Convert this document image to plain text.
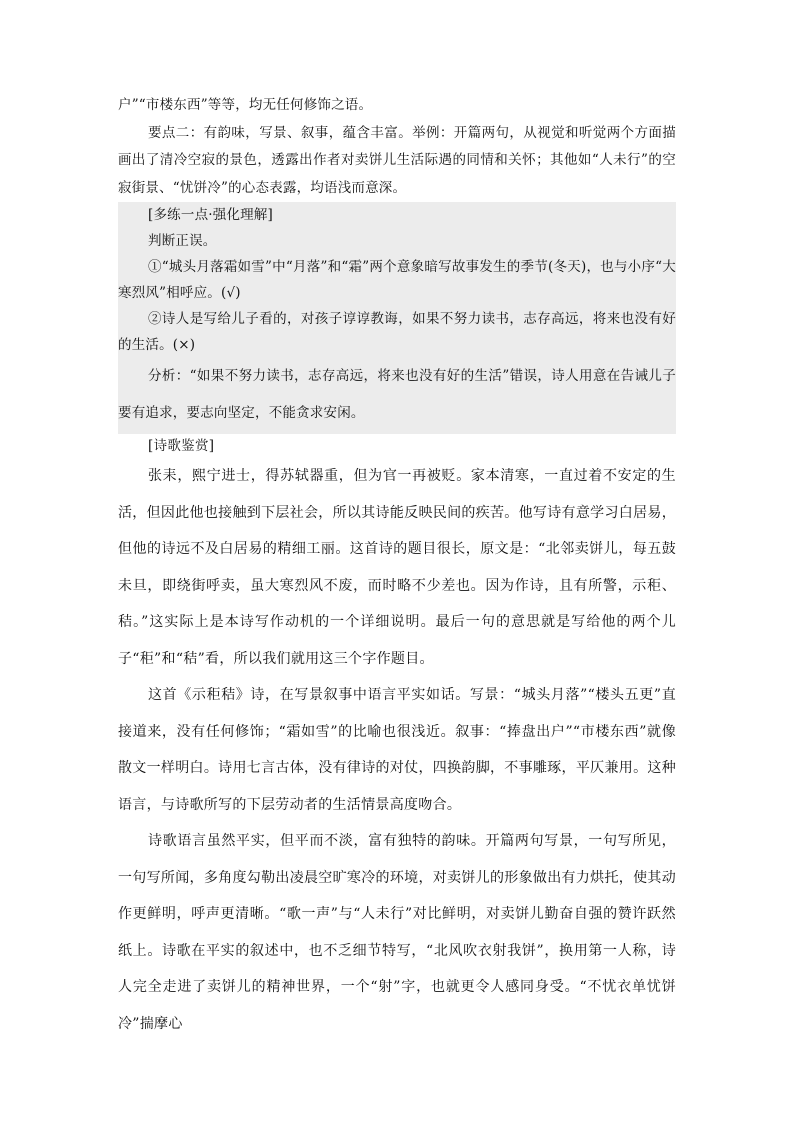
户”“市楼东西”等等，均无任何修饰之语。

要点二：有韵味，写景、叙事，蕴含丰富。举例：开篇两句，从视觉和听觉两个方面描画出了清冷空寂的景色，透露出作者对卖饼儿生活际遇的同情和关怀；其他如“人未行”的空寂街景、“忧饼冷”的心态表露，均语浅而意深。

[多练一点·强化理解]

判断正误。

①“城头月落霜如雪”中“月落”和“霜”两个意象暗写故事发生的季节(冬天)，也与小序“大寒烈风”相呼应。(√)

②诗人是写给儿子看的，对孩子谆谆教诲，如果不努力读书，志存高远，将来也没有好的生活。(×)

分析：“如果不努力读书，志存高远，将来也没有好的生活”错误，诗人用意在告诫儿子要有追求，要志向坚定，不能贪求安闲。

[诗歌鉴赏]

张耒，熙宁进士，得苏轼器重，但为官一再被贬。家本清寒，一直过着不安定的生活，但因此他也接触到下层社会，所以其诗能反映民间的疾苦。他写诗有意学习白居易，但他的诗远不及白居易的精细工丽。这首诗的题目很长，原文是：“北邻卖饼儿，每五鼓未旦，即绕街呼卖，虽大寒烈风不废，而时略不少差也。因为作诗，且有所警，示秬、秸。”这实际上是本诗写作动机的一个详细说明。最后一句的意思就是写给他的两个儿子“秬”和“秸”看，所以我们就用这三个字作题目。

这首《示秬秸》诗，在写景叙事中语言平实如话。写景：“城头月落”“楼头五更”直接道来，没有任何修饰；“霜如雪”的比喻也很浅近。叙事：“捧盘出户”“市楼东西”就像散文一样明白。诗用七言古体，没有律诗的对仗，四换韵脚，不事雕琢，平仄兼用。这种语言，与诗歌所写的下层劳动者的生活情景高度吻合。

诗歌语言虽然平实，但平而不淡，富有独特的韵味。开篇两句写景，一句写所见，一句写所闻，多角度勾勒出凌晨空旷寒冷的环境，对卖饼儿的形象做出有力烘托，使其动作更鲜明，呼声更清晰。“歌一声”与“人未行”对比鲜明，对卖饼儿勤奋自强的赞许跃然纸上。诗歌在平实的叙述中，也不乏细节特写，“北风吹衣射我饼”，换用第一人称，诗人完全走进了卖饼儿的精神世界，一个“射”字，也就更令人感同身受。“不忧衣单忧饼冷”揣摩心
